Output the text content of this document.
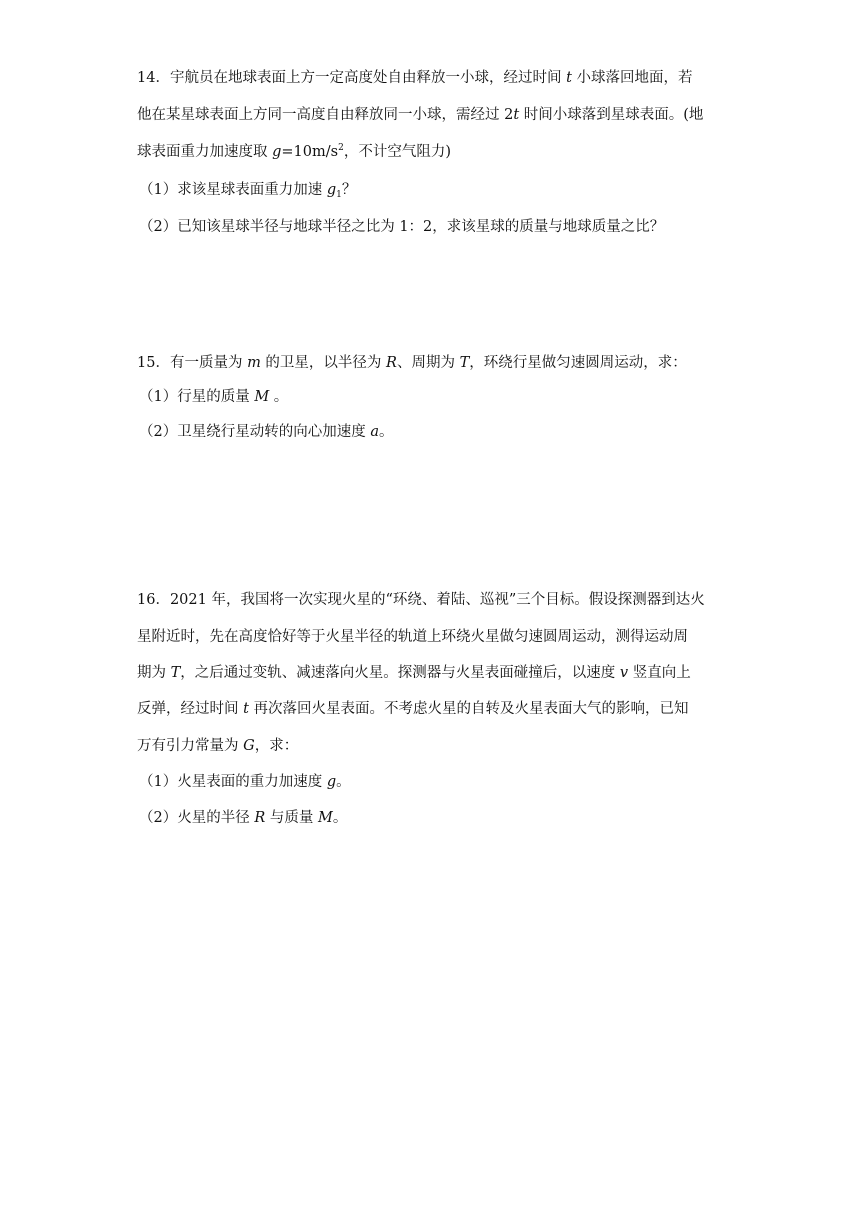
14．宇航员在地球表面上方一定高度处自由释放一小球，经过时间 t 小球落回地面，若
他在某星球表面上方同一高度自由释放同一小球，需经过 2t 时间小球落到星球表面。(地
球表面重力加速度取 $g=10m/s^2$，不计空气阻力)
（1）求该星球表面重力加速 $g_1$？
（2）已知该星球半径与地球半径之比为 1：2，求该星球的质量与地球质量之比？
15．有一质量为 m 的卫星，以半径为 R、周期为 T，环绕行星做匀速圆周运动，求：
（1）行星的质量 M 。
（2）卫星绕行星动转的向心加速度 a。
16．2021 年，我国将一次实现火星的“环绕、着陆、巡视”三个目标。假设探测器到达火
星附近时，先在高度恰好等于火星半径的轨道上环绕火星做匀速圆周运动，测得运动周
期为 T，之后通过变轨、减速落向火星。探测器与火星表面碰撞后，以速度 v 竖直向上
反弹，经过时间 t 再次落回火星表面。不考虑火星的自转及火星表面大气的影响，已知
万有引力常量为 G，求：
（1）火星表面的重力加速度 g。
（2）火星的半径 R 与质量 M。
